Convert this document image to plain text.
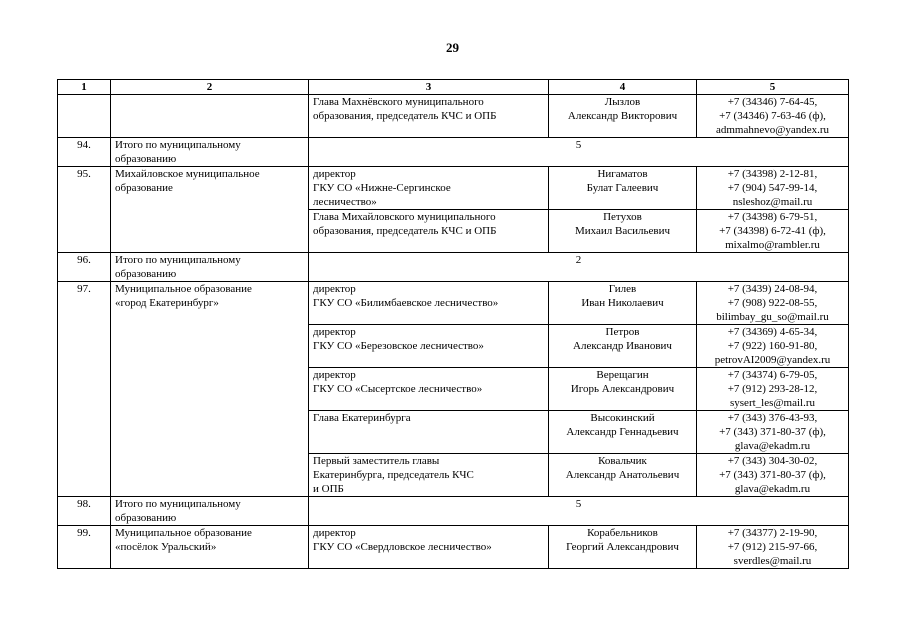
29
1	2	3	4	5

		Глава Махнёвского муниципального
образования, председатель КЧС и ОПБ	Лызлов
Александр Викторович	+7 (34346) 7-64-45,
+7 (34346) 7-63-46 (ф),
admmahnevo@yandex.ru

94.	Итого по муниципальному
образованию	5		
95.	Михайловское муниципальное
образование	директор
ГКУ СО «Нижне-Сергинское
лесничество»	Нигаматов
Булат Галеевич	+7 (34398) 2-12-81,
+7 (904) 547-99-14,
nsleshoz@mail.ru

		Глава Михайловского муниципального
образования, председатель КЧС и ОПБ	Петухов
Михаил Васильевич	+7 (34398) 6-79-51,
+7 (34398) 6-72-41 (ф),
mixalmo@rambler.ru

96.	Итого по муниципальному
образованию	2		
97.	Муниципальное образование
«город Екатеринбург»	директор
ГКУ СО «Билимбаевское лесничество»	Гилев
Иван Николаевич	+7 (3439) 24-08-94,
+7 (908) 922-08-55,
bilimbay_gu_so@mail.ru

		директор
ГКУ СО «Березовское лесничество»	Петров
Александр Иванович	+7 (34369) 4-65-34,
+7 (922) 160-91-80,
petrovAI2009@yandex.ru

		директор
ГКУ СО «Сысертское лесничество»	Верещагин
Игорь Александрович	+7 (34374) 6-79-05,
+7 (912) 293-28-12,
sysert_les@mail.ru

		Глава Екатеринбурга	Высокинский
Александр Геннадьевич	+7 (343) 376-43-93,
+7 (343) 371-80-37 (ф),
glava@ekadm.ru

		Первый заместитель главы
Екатеринбурга, председатель КЧС
и ОПБ	Ковальчик
Александр Анатольевич	+7 (343) 304-30-02,
+7 (343) 371-80-37 (ф),
glava@ekadm.ru

98.	Итого по муниципальному
образованию	5		
99.	Муниципальное образование
«посёлок Уральский»	директор
ГКУ СО «Свердловское лесничество»	Корабельников
Георгий Александрович	+7 (34377) 2-19-90,
+7 (912) 215-97-66,
sverdles@mail.ru
